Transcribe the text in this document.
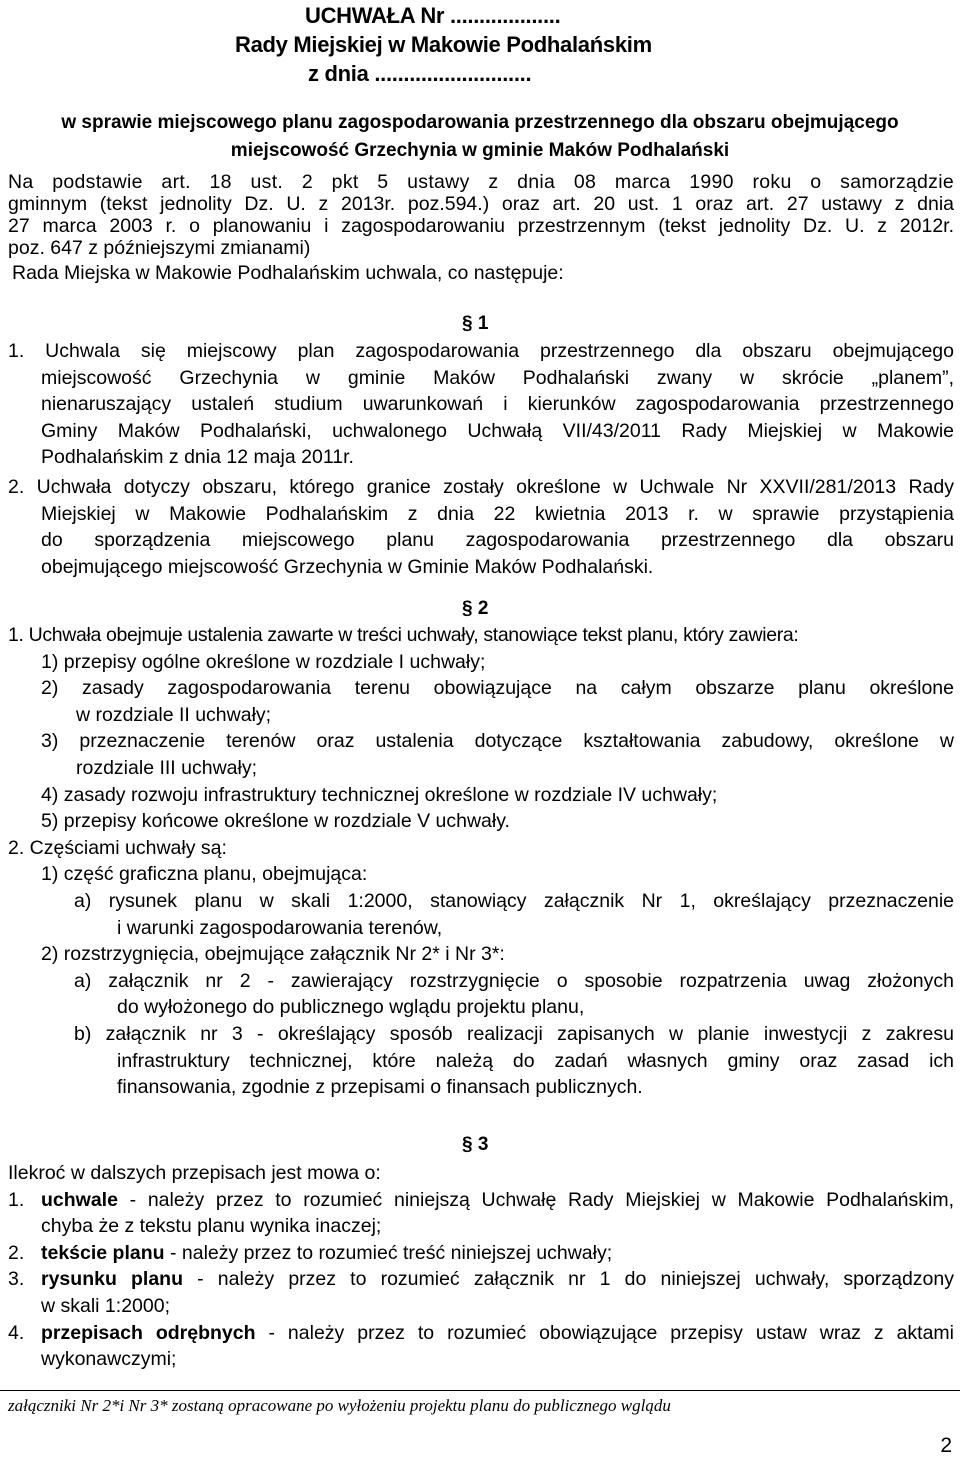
UCHWAŁA Nr ...................
Rady Miejskiej w Makowie Podhalańskim
z dnia ...........................
w sprawie miejscowego planu zagospodarowania przestrzennego dla obszaru obejmującego
miejscowość Grzechynia w gminie Maków Podhalański
Na podstawie art. 18 ust. 2 pkt 5 ustawy z dnia 08 marca 1990 roku o samorządzie
gminnym (tekst jednolity Dz. U. z 2013r. poz.594.) oraz art. 20 ust. 1 oraz art. 27 ustawy z dnia
27 marca 2003 r. o planowaniu i zagospodarowaniu przestrzennym (tekst jednolity Dz. U. z 2012r.
poz. 647 z późniejszymi zmianami)
Rada Miejska w Makowie Podhalańskim uchwala, co następuje:
§ 1
1. Uchwala się miejscowy plan zagospodarowania przestrzennego dla obszaru obejmującego
miejscowość Grzechynia w gminie Maków Podhalański zwany w skrócie „planem”,
nienaruszający ustaleń studium uwarunkowań i kierunków zagospodarowania przestrzennego
Gminy Maków Podhalański, uchwalonego Uchwałą VII/43/2011 Rady Miejskiej w Makowie
Podhalańskim z dnia 12 maja 2011r.
2. Uchwała dotyczy obszaru, którego granice zostały określone w Uchwale Nr XXVII/281/2013 Rady
Miejskiej w Makowie Podhalańskim z dnia 22 kwietnia 2013 r. w sprawie przystąpienia
do sporządzenia miejscowego planu zagospodarowania przestrzennego dla obszaru
obejmującego miejscowość Grzechynia w Gminie Maków Podhalański.
§ 2
1. Uchwała obejmuje ustalenia zawarte w treści uchwały, stanowiące tekst planu, który zawiera:
1) przepisy ogólne określone w rozdziale I uchwały;
2) zasady zagospodarowania terenu obowiązujące na całym obszarze planu określone
w rozdziale II uchwały;
3) przeznaczenie terenów oraz ustalenia dotyczące kształtowania zabudowy, określone w
rozdziale III uchwały;
4) zasady rozwoju infrastruktury technicznej określone w rozdziale IV uchwały;
5) przepisy końcowe określone w rozdziale V uchwały.
2. Częściami uchwały są:
1) część graficzna planu, obejmująca:
a) rysunek planu w skali 1:2000, stanowiący załącznik Nr 1, określający przeznaczenie
i warunki zagospodarowania terenów,
2) rozstrzygnięcia, obejmujące załącznik Nr 2* i Nr 3*:
a) załącznik nr 2 - zawierający rozstrzygnięcie o sposobie rozpatrzenia uwag złożonych
do wyłożonego do publicznego wglądu projektu planu,
b) załącznik nr 3 - określający sposób realizacji zapisanych w planie inwestycji z zakresu
infrastruktury technicznej, które należą do zadań własnych gminy oraz zasad ich
finansowania, zgodnie z przepisami o finansach publicznych.
§ 3
Ilekroć w dalszych przepisach jest mowa o:
1. uchwale - należy przez to rozumieć niniejszą Uchwałę Rady Miejskiej w Makowie Podhalańskim,
chyba że z tekstu planu wynika inaczej;
2. tekście planu - należy przez to rozumieć treść niniejszej uchwały;
3. rysunku planu - należy przez to rozumieć załącznik nr 1 do niniejszej uchwały, sporządzony
w skali 1:2000;
4. przepisach odrębnych - należy przez to rozumieć obowiązujące przepisy ustaw wraz z aktami
wykonawczymi;
załączniki Nr 2*i Nr 3* zostaną opracowane po wyłożeniu projektu planu do publicznego wglądu
2
